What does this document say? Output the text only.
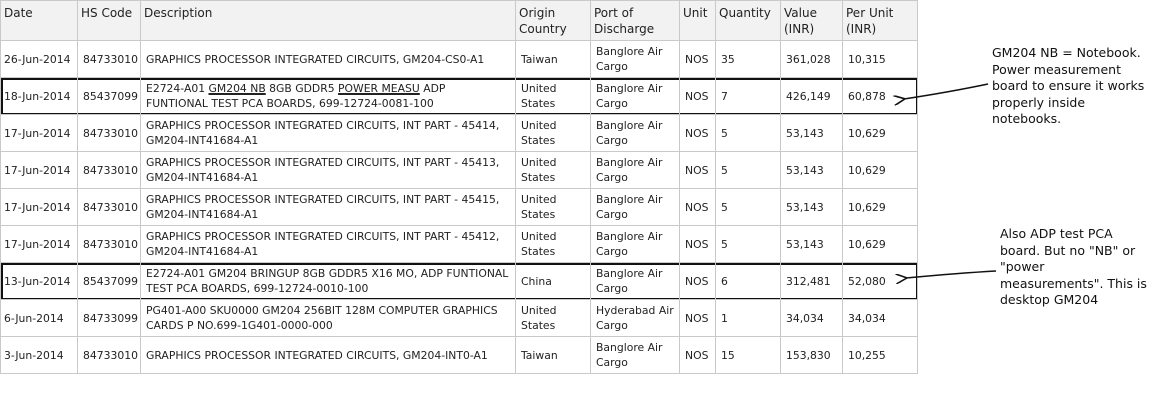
Date	HS Code	Description	Origin Country	Port of Discharge	Unit	Quantity	Value (INR)	Per Unit (INR)
26-Jun-2014	84733010	GRAPHICS PROCESSOR INTEGRATED CIRCUITS, GM204-CS0-A1	Taiwan	Banglore Air Cargo	NOS	35	361,028	10,315
18-Jun-2014	85437099	E2724-A01 GM204 NB 8GB GDDR5 POWER MEASU ADP FUNTIONAL TEST PCA BOARDS, 699-12724-0081-100	United States	Banglore Air Cargo	NOS	7	426,149	60,878
17-Jun-2014	84733010	GRAPHICS PROCESSOR INTEGRATED CIRCUITS, INT PART - 45414, GM204-INT41684-A1	United States	Banglore Air Cargo	NOS	5	53,143	10,629
17-Jun-2014	84733010	GRAPHICS PROCESSOR INTEGRATED CIRCUITS, INT PART - 45413, GM204-INT41684-A1	United States	Banglore Air Cargo	NOS	5	53,143	10,629
17-Jun-2014	84733010	GRAPHICS PROCESSOR INTEGRATED CIRCUITS, INT PART - 45415, GM204-INT41684-A1	United States	Banglore Air Cargo	NOS	5	53,143	10,629
17-Jun-2014	84733010	GRAPHICS PROCESSOR INTEGRATED CIRCUITS, INT PART - 45412, GM204-INT41684-A1	United States	Banglore Air Cargo	NOS	5	53,143	10,629
13-Jun-2014	85437099	E2724-A01 GM204 BRINGUP 8GB GDDR5 X16 MO, ADP FUNTIONAL TEST PCA BOARDS, 699-12724-0010-100	China	Banglore Air Cargo	NOS	6	312,481	52,080
6-Jun-2014	84733099	PG401-A00 SKU0000 GM204 256BIT 128M COMPUTER GRAPHICS CARDS P NO.699-1G401-0000-000	United States	Hyderabad Air Cargo	NOS	1	34,034	34,034
3-Jun-2014	84733010	GRAPHICS PROCESSOR INTEGRATED CIRCUITS, GM204-INT0-A1	Taiwan	Banglore Air Cargo	NOS	15	153,830	10,255
GM204 NB = Notebook. Power measurement board to ensure it works properly inside notebooks.
Also ADP test PCA board. But no "NB" or "power measurements". This is desktop GM204
